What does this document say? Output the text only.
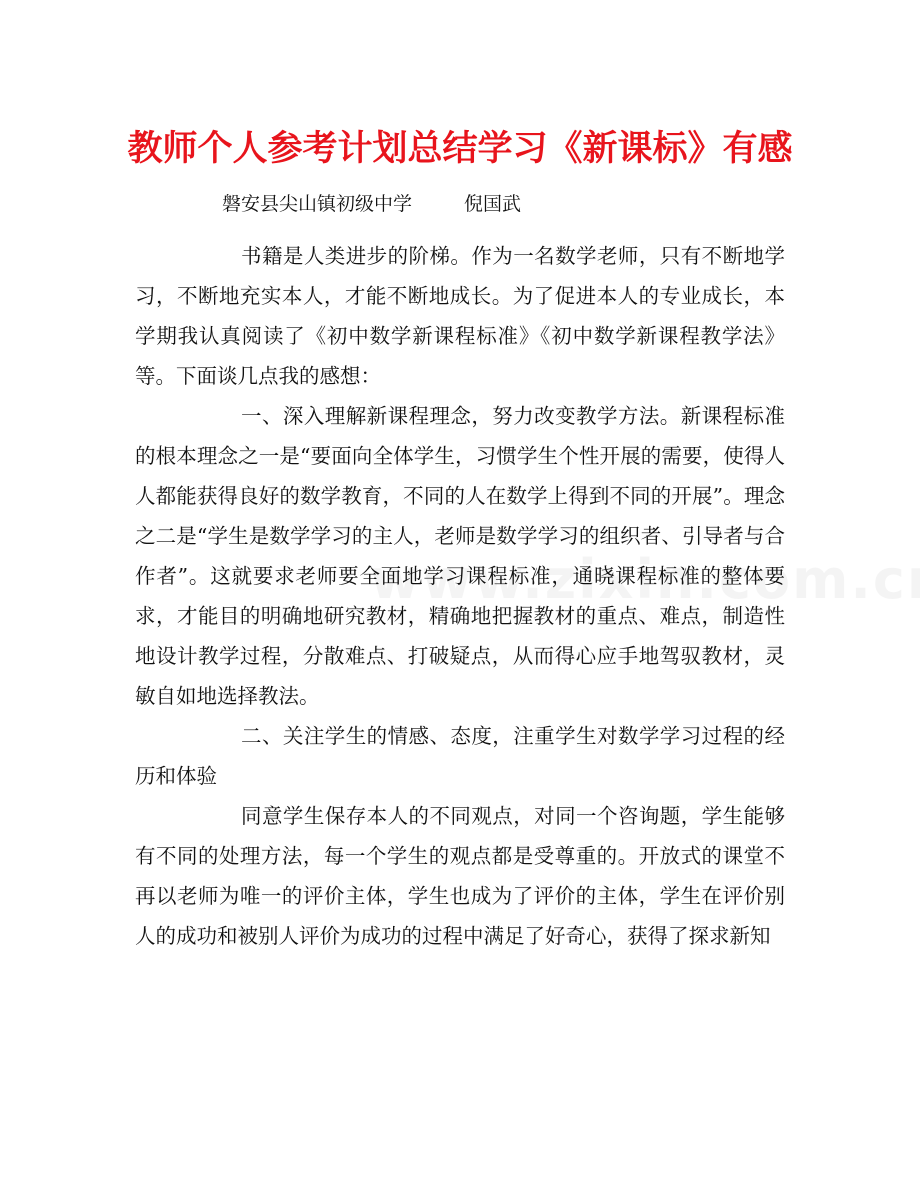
教师个人参考计划总结学习《新课标》有感
磐安县尖山镇初级中学	倪国武

书籍是人类进步的阶梯。作为一名数学老师，只有不断地学习，不断地充实本人，才能不断地成长。为了促进本人的专业成长，本学期我认真阅读了《初中数学新课程标准》《初中数学新课程教学法》等。下面谈几点我的感想：

一、深入理解新课程理念，努力改变教学方法。新课程标准的根本理念之一是“要面向全体学生，习惯学生个性开展的需要，使得人人都能获得良好的数学教育，不同的人在数学上得到不同的开展”。理念之二是“学生是数学学习的主人，老师是数学学习的组织者、引导者与合作者”。这就要求老师要全面地学习课程标准，通晓课程标准的整体要求，才能目的明确地研究教材，精确地把握教材的重点、难点，制造性地设计教学过程，分散难点、打破疑点，从而得心应手地驾驭教材，灵敏自如地选择教法。

二、关注学生的情感、态度，注重学生对数学学习过程的经历和体验

同意学生保存本人的不同观点，对同一个咨询题，学生能够有不同的处理方法，每一个学生的观点都是受尊重的。开放式的课堂不再以老师为唯一的评价主体，学生也成为了评价的主体，学生在评价别人的成功和被别人评价为成功的过程中满足了好奇心，获得了探求新知
